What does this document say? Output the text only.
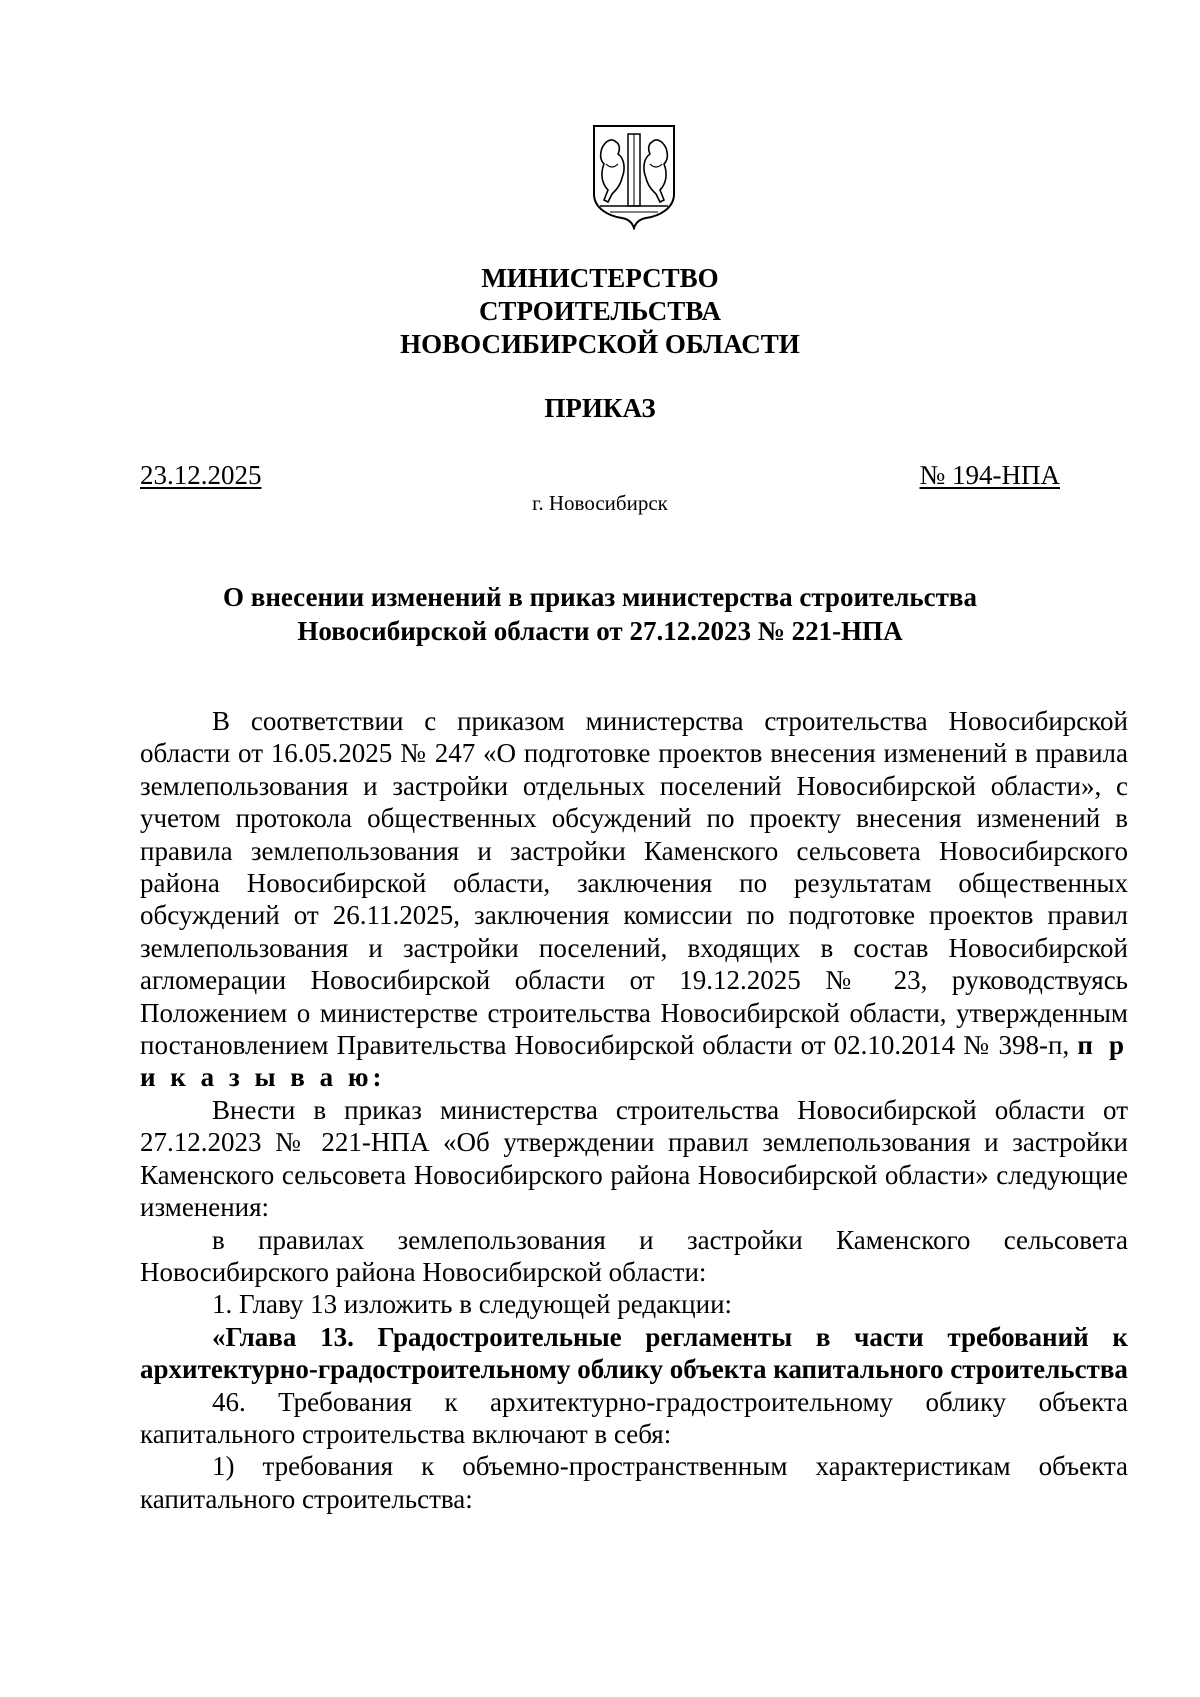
МИНИСТЕРСТВО
СТРОИТЕЛЬСТВА
НОВОСИБИРСКОЙ ОБЛАСТИ
ПРИКАЗ
23.12.2025	№ 194-НПА
г. Новосибирск
О внесении изменений в приказ министерства строительства
Новосибирской области от 27.12.2023 № 221-НПА

В соответствии с приказом министерства строительства Новосибирской области от 16.05.2025 № 247 «О подготовке проектов внесения изменений в правила землепользования и застройки отдельных поселений Новосибирской области», с учетом протокола общественных обсуждений по проекту внесения изменений в правила землепользования и застройки Каменского сельсовета Новосибирского района Новосибирской области, заключения по результатам общественных обсуждений от 26.11.2025, заключения комиссии по подготовке проектов правил землепользования и застройки поселений, входящих в состав Новосибирской агломерации Новосибирской области от 19.12.2025 № 23, руководствуясь Положением о министерстве строительства Новосибирской области, утвержденным постановлением Правительства Новосибирской области от 02.10.2014 № 398-п, п р и к а з ы в а ю:

Внести в приказ министерства строительства Новосибирской области от 27.12.2023 № 221-НПА «Об утверждении правил землепользования и застройки Каменского сельсовета Новосибирского района Новосибирской области» следующие изменения:

в правилах землепользования и застройки Каменского сельсовета Новосибирского района Новосибирской области:

1. Главу 13 изложить в следующей редакции:

«Глава 13. Градостроительные регламенты в части требований к архитектурно-градостроительному облику объекта капитального строительства

46. Требования к архитектурно-градостроительному облику объекта капитального строительства включают в себя:

1) требования к объемно-пространственным характеристикам объекта капитального строительства:
